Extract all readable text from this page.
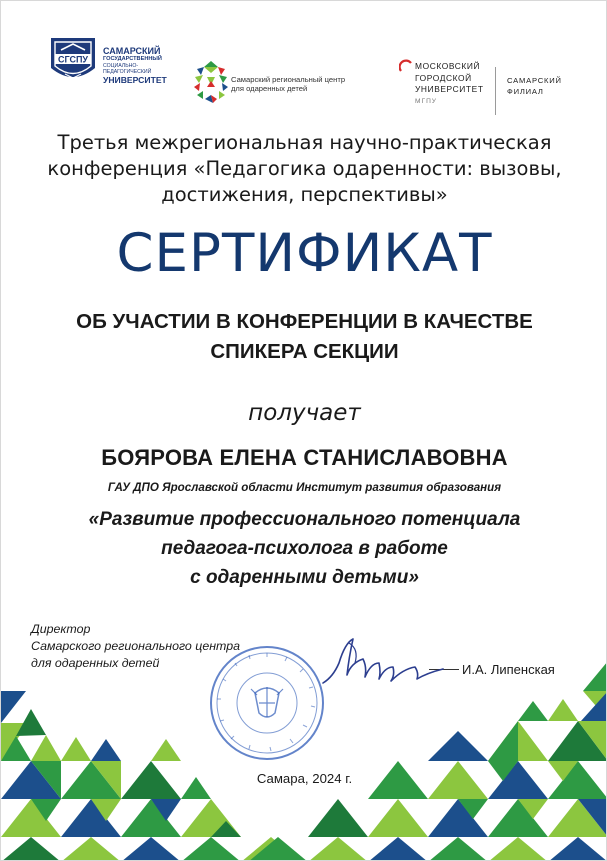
СГСПУ
САМАРСКИЙ
ГОСУДАРСТВЕННЫЙ
СОЦИАЛЬНО-ПЕДАГОГИЧЕСКИЙ
УНИВЕРСИТЕТ	Самарский региональный центр
для одаренных детей
МОСКОВСКИЙ
ГОРОДСКОЙ
УНИВЕРСИТЕТ
МГПУ
САМАРСКИЙ
ФИЛИАЛ
Третья межрегиональная научно-практическая
конференция «Педагогика одаренности: вызовы,
достижения, перспективы»
СЕРТИФИКАТ
ОБ УЧАСТИИ В КОНФЕРЕНЦИИ В КАЧЕСТВЕ
СПИКЕРА СЕКЦИИ
получает
БОЯРОВА ЕЛЕНА СТАНИСЛАВОВНА
ГАУ ДПО Ярославской области Институт развития образования
«Развитие профессионального потенциала
педагога-психолога в работе
с одаренными детьми»
Директор
Самарского регионального центра
для одаренных детей	И.А. Липенская
Самара, 2024 г.
